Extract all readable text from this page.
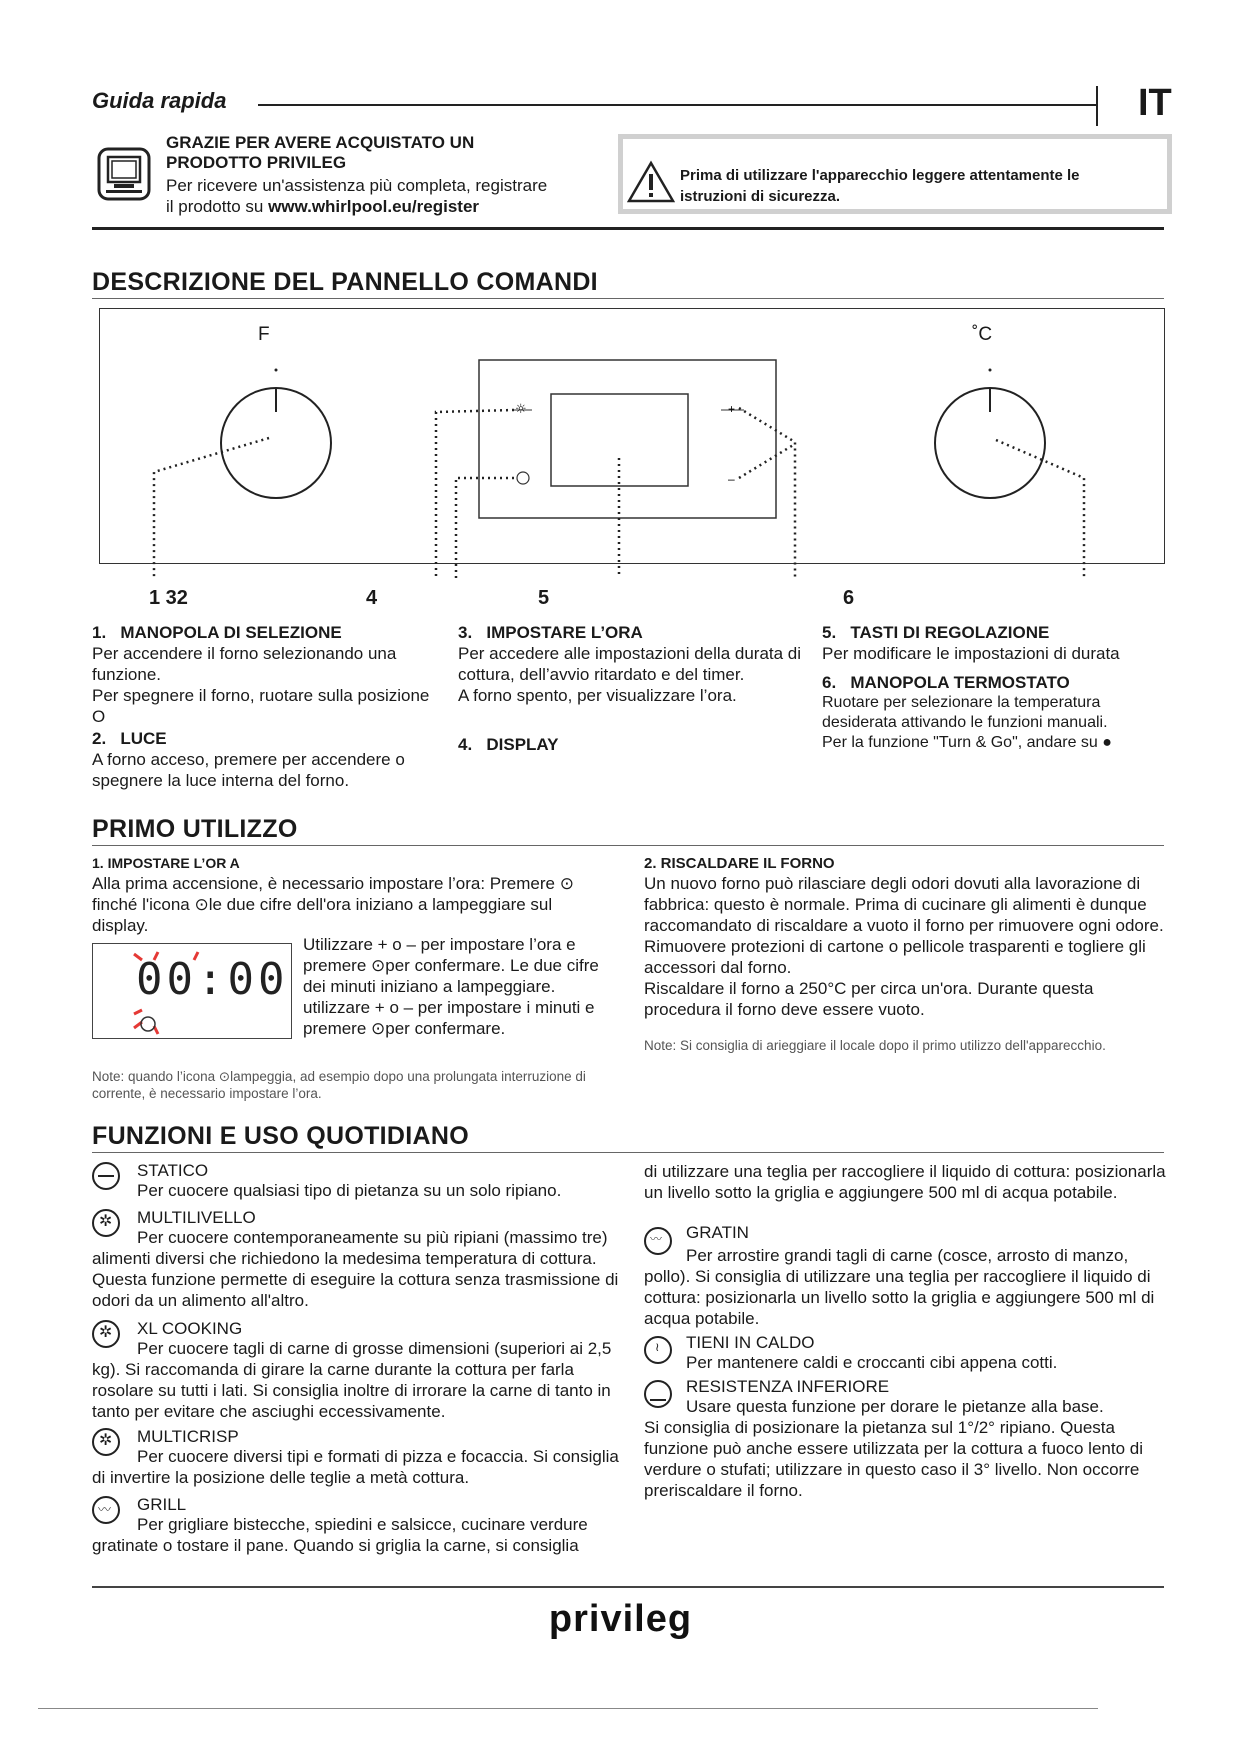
Guida rapida	IT
GRAZIE PER AVERE ACQUISTATO UN PRODOTTO PRIVILEG
Per ricevere un'assistenza più completa, registrare
il prodotto su www.whirlpool.eu/register
Prima di utilizzare l'apparecchio leggere attentamente le istruzioni di sicurezza.
DESCRIZIONE DEL PANNELLO COMANDI
+
–
☼
F	˚C
1 32	4	5	6
1. MANOPOLA DI SELEZIONE
Per accendere il forno selezionando una funzione.
Per spegnere il forno, ruotare sulla posizione O
2. LUCE
A forno acceso, premere per accendere o spegnere la luce interna del forno.
3. IMPOSTARE L’ORA
Per accedere alle impostazioni della durata di cottura, dell’avvio ritardato e del timer.
A forno spento, per visualizzare l’ora.
4. DISPLAY
5. TASTI DI REGOLAZIONE
Per modificare le impostazioni di durata
6. MANOPOLA TERMOSTATO
Ruotare per selezionare la temperatura desiderata attivando le funzioni manuali.
Per la funzione "Turn & Go", andare su ●
PRIMO UTILIZZO
1. IMPOSTARE L’OR A
Alla prima accensione, è necessario impostare l’ora: Premere ⊙ finché l'icona ⊙le due cifre dell'ora iniziano a lampeggiare sul display.
00:00
Utilizzare + o – per impostare l’ora e premere ⊙per confermare. Le due cifre dei minuti iniziano a lampeggiare. utilizzare + o – per impostare i minuti e premere ⊙per confermare.
Note: quando l’icona ⊙lampeggia, ad esempio dopo una prolungata interruzione di corrente, è necessario impostare l’ora.
2. RISCALDARE IL FORNO
Un nuovo forno può rilasciare degli odori dovuti alla lavorazione di fabbrica: questo è normale. Prima di cucinare gli alimenti è dunque raccomandato di riscaldare a vuoto il forno per rimuovere ogni odore.
Rimuovere protezioni di cartone o pellicole trasparenti e togliere gli accessori dal forno.
Riscaldare il forno a 250°C per circa un'ora. Durante questa procedura il forno deve essere vuoto.
Note: Si consiglia di arieggiare il locale dopo il primo utilizzo dell'apparecchio.
FUNZIONI E USO QUOTIDIANO
STATICO
Per cuocere qualsiasi tipo di pietanza su un solo ripiano.
✲ MULTILIVELLO
Per cuocere contemporaneamente su più ripiani (massimo tre) alimenti diversi che richiedono la medesima temperatura di cottura. Questa funzione permette di eseguire la cottura senza trasmissione di odori da un alimento all'altro.
✲ XL COOKING
Per cuocere tagli di carne di grosse dimensioni (superiori ai 2,5 kg). Si raccomanda di girare la carne durante la cottura per farla rosolare su tutti i lati. Si consiglia inoltre di irrorare la carne di tanto in tanto per evitare che asciughi eccessivamente.
✲ MULTICRISP
Per cuocere diversi tipi e formati di pizza e focaccia. Si consiglia di invertire la posizione delle teglie a metà cottura.
〰 GRILL
Per grigliare bistecche, spiedini e salsicce, cucinare verdure gratinate o tostare il pane. Quando si griglia la carne, si consiglia
di utilizzare una teglia per raccogliere il liquido di cottura: posizionarla un livello sotto la griglia e aggiungere 500 ml di acqua potabile.
〰 GRATIN
Per arrostire grandi tagli di carne (cosce, arrosto di manzo, pollo). Si consiglia di utilizzare una teglia per raccogliere il liquido di cottura: posizionarla un livello sotto la griglia e aggiungere 500 ml di acqua potabile.
≀ TIENI IN CALDO
Per mantenere caldi e croccanti cibi appena cotti.
RESISTENZA INFERIORE
Usare questa funzione per dorare le pietanze alla base.
Si consiglia di posizionare la pietanza sul 1°/2° ripiano. Questa funzione può anche essere utilizzata per la cottura a fuoco lento di verdure o stufati; utilizzare in questo caso il 3° livello. Non occorre preriscaldare il forno.
privileg
